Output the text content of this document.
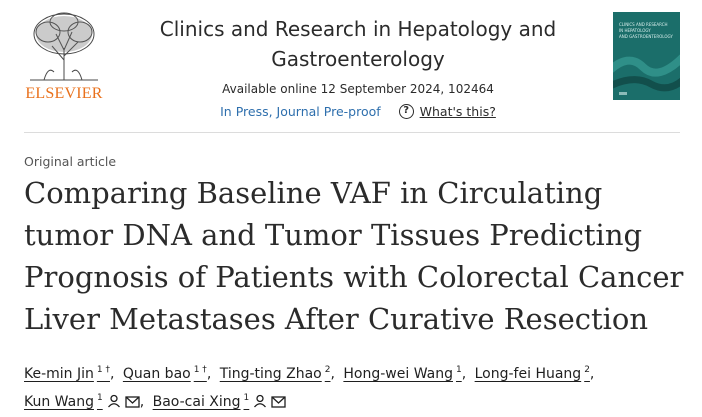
ELSEVIER
Clinics and Research in Hepatology and
Gastroenterology
Available online 12 September 2024, 102464
In Press, Journal Pre-proof	? What's this?
CLINICS AND RESEARCH
IN HEPATOLOGY
AND GASTROENTEROLOGY
Original article
Comparing Baseline VAF in Circulating
tumor DNA and Tumor Tissues Predicting
Prognosis of Patients with Colorectal Cancer
Liver Metastases After Curative Resection
Ke-min Jin $^{1 \dagger}$, Quan bao $^{1 \dagger}$, Ting-ting Zhao $^2$, Hong-wei Wang $^1$, Long-fei Huang $^2$,
Kun Wang $^1$	, Bao-cai Xing $^1$
